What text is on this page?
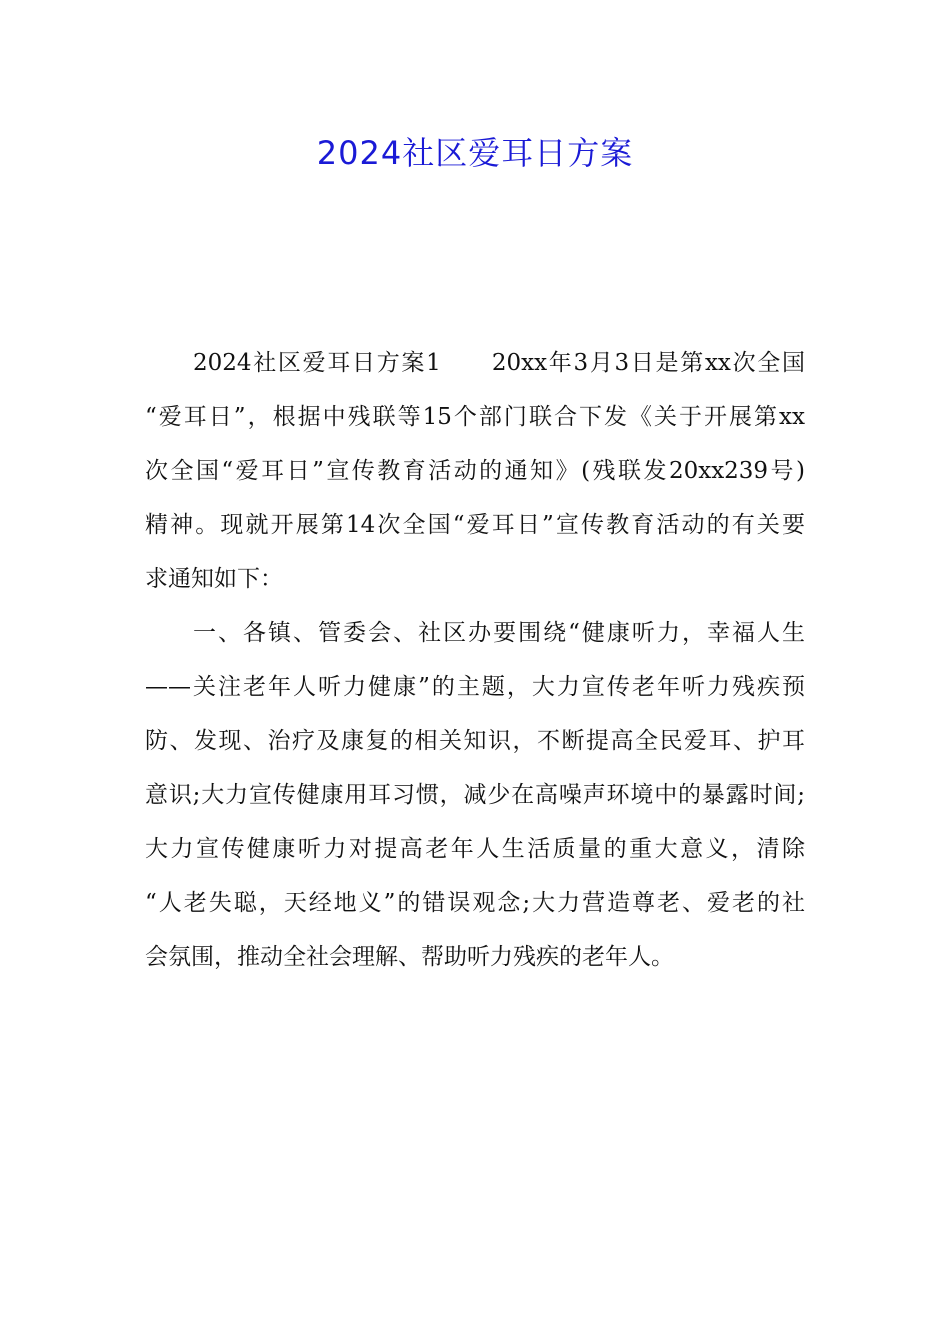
2024社区爱耳日方案
2024社区爱耳日方案1　　20xx年3月3日是第xx次全国
“爱耳日”，根据中残联等15个部门联合下发《关于开展第xx
次全国“爱耳日”宣传教育活动的通知》(残联发20xx239号)
精神。现就开展第14次全国“爱耳日”宣传教育活动的有关要
求通知如下：
一、各镇、管委会、社区办要围绕“健康听力，幸福人生
——关注老年人听力健康”的主题，大力宣传老年听力残疾预
防、发现、治疗及康复的相关知识，不断提高全民爱耳、护耳
意识;大力宣传健康用耳习惯，减少在高噪声环境中的暴露时间;
大力宣传健康听力对提高老年人生活质量的重大意义，清除
“人老失聪，天经地义”的错误观念;大力营造尊老、爱老的社
会氛围，推动全社会理解、帮助听力残疾的老年人。
